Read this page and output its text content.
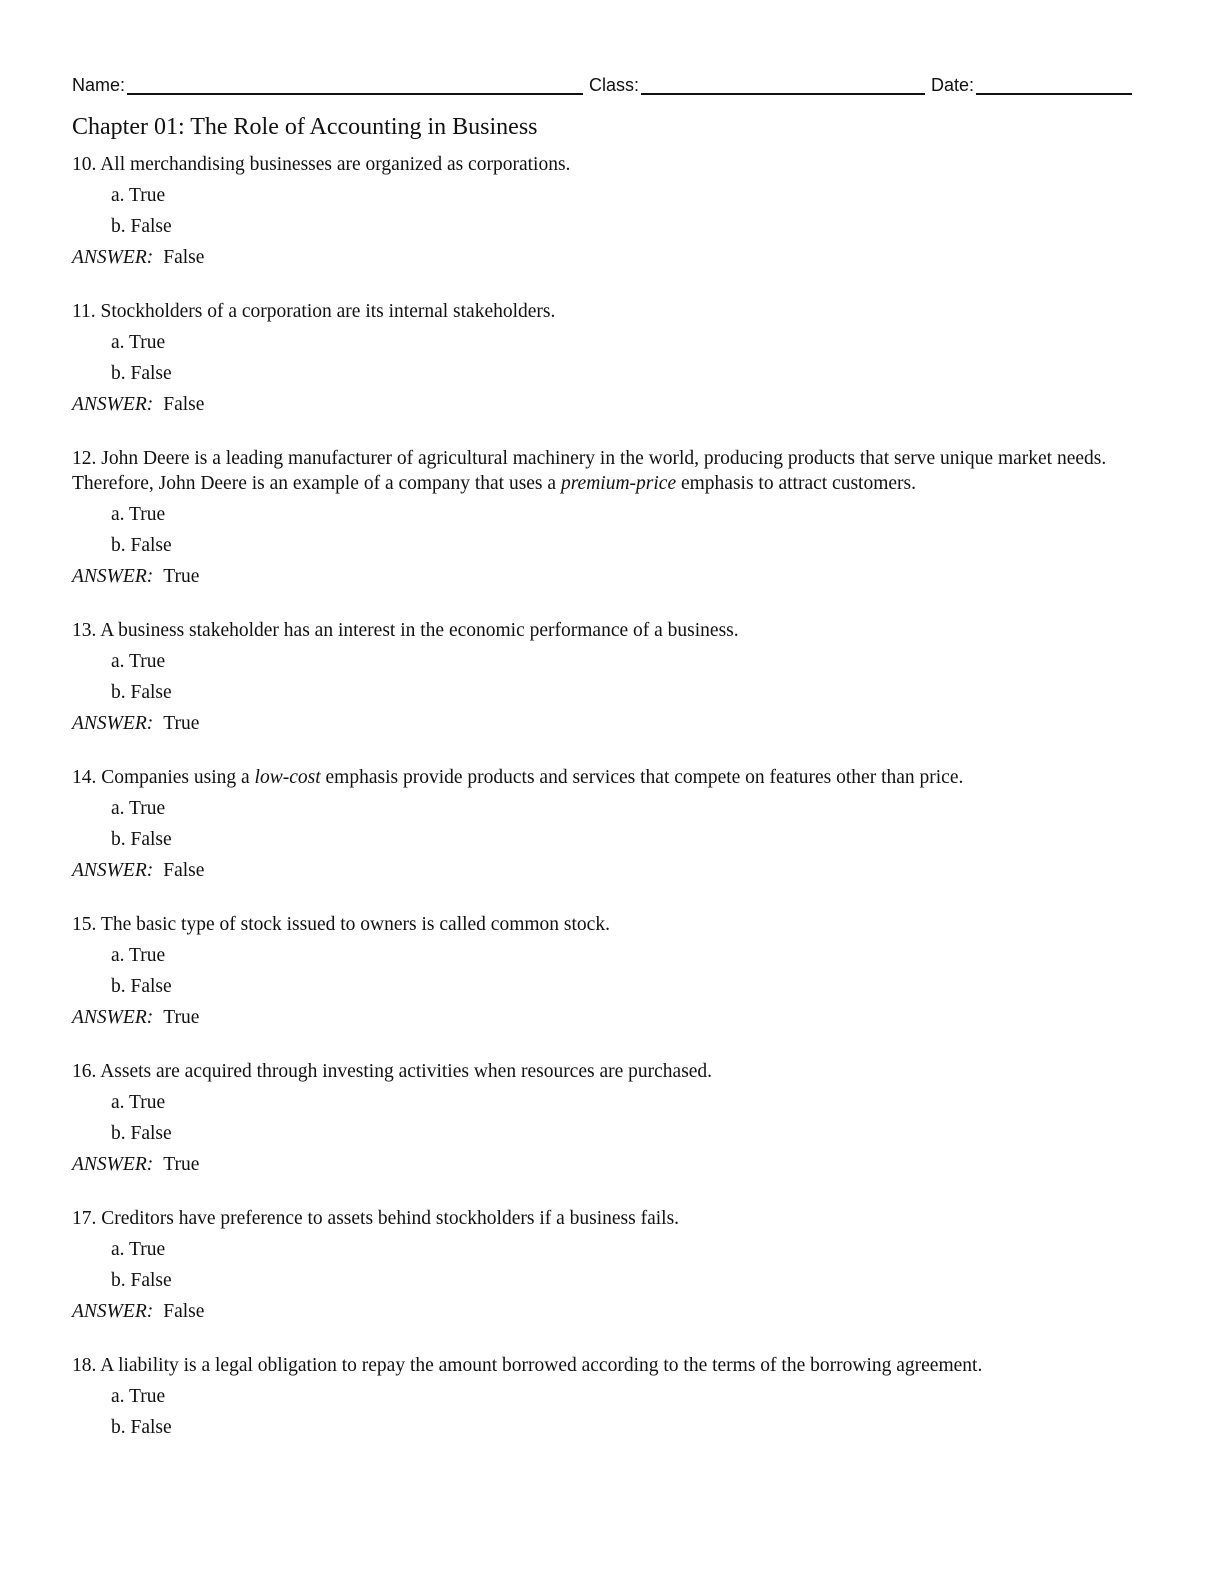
Name:	Class:	Date:
Chapter 01: The Role of Accounting in Business

10. All merchandising businesses are organized as corporations.

a. True
b. False
ANSWER: False

11. Stockholders of a corporation are its internal stakeholders.

a. True
b. False
ANSWER: False

12. John Deere is a leading manufacturer of agricultural machinery in the world, producing products that serve unique market needs. Therefore, John Deere is an example of a company that uses a premium-price emphasis to attract customers.

a. True
b. False
ANSWER: True

13. A business stakeholder has an interest in the economic performance of a business.

a. True
b. False
ANSWER: True

14. Companies using a low-cost emphasis provide products and services that compete on features other than price.

a. True
b. False
ANSWER: False

15. The basic type of stock issued to owners is called common stock.

a. True
b. False
ANSWER: True

16. Assets are acquired through investing activities when resources are purchased.

a. True
b. False
ANSWER: True

17. Creditors have preference to assets behind stockholders if a business fails.

a. True
b. False
ANSWER: False

18. A liability is a legal obligation to repay the amount borrowed according to the terms of the borrowing agreement.

a. True
b. False
